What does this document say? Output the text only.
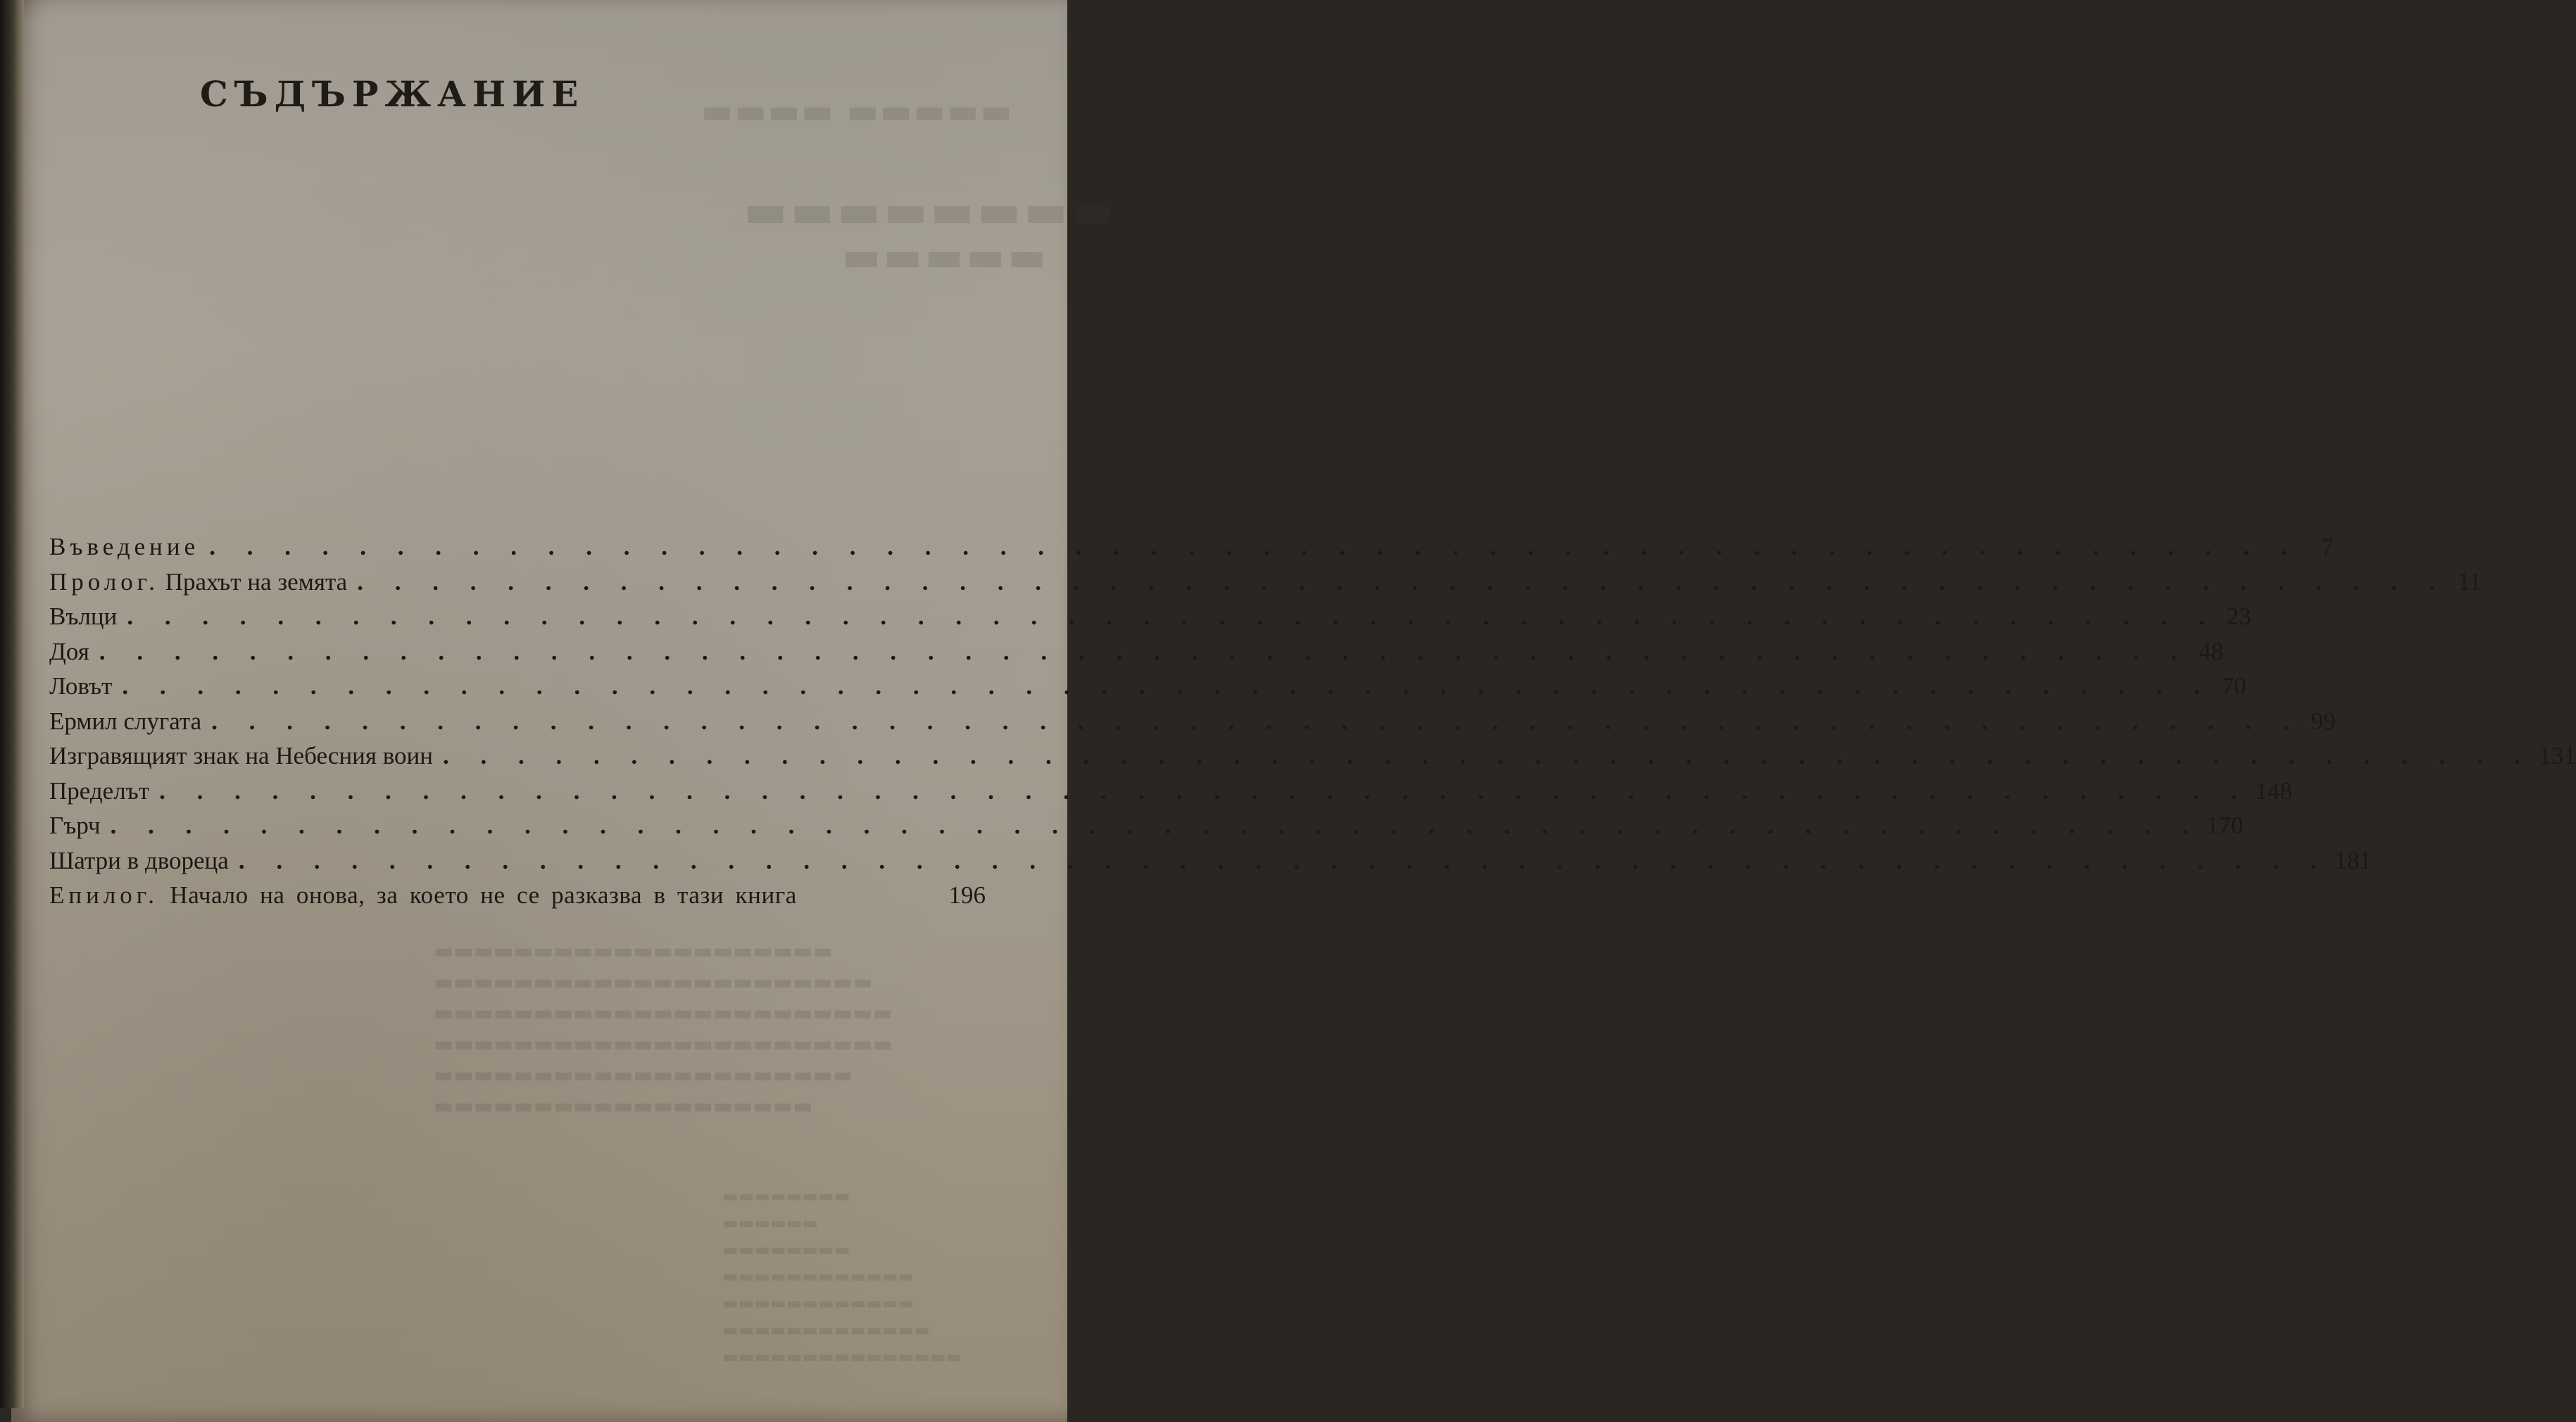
▬▬▬▬ ▬▬▬▬▬
▬▬▬▬▬▬▬▬
▬▬▬▬▬
▬▬▬▬▬▬▬▬▬▬▬▬▬▬▬▬▬▬▬▬
▬▬▬▬▬▬▬▬▬▬▬▬▬▬▬▬▬▬▬▬▬▬
▬▬▬▬▬▬▬▬▬▬▬▬▬▬▬▬▬▬▬▬▬▬▬
▬▬▬▬▬▬▬▬▬▬▬▬▬▬▬▬▬▬▬▬▬▬▬
▬▬▬▬▬▬▬▬▬▬▬▬▬▬▬▬▬▬▬▬▬
▬▬▬▬▬▬▬▬▬▬▬▬▬▬▬▬▬▬▬
▬▬▬▬▬▬▬▬
▬▬▬▬▬▬
▬▬▬▬▬▬▬▬
▬▬▬▬▬▬▬▬▬▬▬▬
▬▬▬▬▬▬▬▬▬▬▬▬
▬▬▬▬▬▬▬▬▬▬▬▬▬
▬▬▬▬▬▬▬▬▬▬▬▬▬▬▬
СЪДЪРЖАНИЕ
Въведение . . . . . . . . . . . . . . . . . . . . . . . . . . . . . . . . . . . . . . . . . . . . . . . . . . . . . . . . 7
Пролог. Прахът на земята . . . . . . . . . . . . . . . . . . . . . . . . . . . . . . . . . . . . . . . . . . . . . . . . . . . . . . . . 11
Вълци . . . . . . . . . . . . . . . . . . . . . . . . . . . . . . . . . . . . . . . . . . . . . . . . . . . . . . . . 23
Доя . . . . . . . . . . . . . . . . . . . . . . . . . . . . . . . . . . . . . . . . . . . . . . . . . . . . . . . . 48
Ловът . . . . . . . . . . . . . . . . . . . . . . . . . . . . . . . . . . . . . . . . . . . . . . . . . . . . . . . . 70
Ермил слугата . . . . . . . . . . . . . . . . . . . . . . . . . . . . . . . . . . . . . . . . . . . . . . . . . . . . . . . . 99
Изгравящият знак на Небесния воин . . . . . . . . . . . . . . . . . . . . . . . . . . . . . . . . . . . . . . . . . . . . . . . . . . . . . . . . 131
Пределът . . . . . . . . . . . . . . . . . . . . . . . . . . . . . . . . . . . . . . . . . . . . . . . . . . . . . . . . 148
Гърч . . . . . . . . . . . . . . . . . . . . . . . . . . . . . . . . . . . . . . . . . . . . . . . . . . . . . . . . 170
Шатри в двореца . . . . . . . . . . . . . . . . . . . . . . . . . . . . . . . . . . . . . . . . . . . . . . . . . . . . . . . . 181
Епилог. Начало на онова, за което не се разказва в тази книга	196
